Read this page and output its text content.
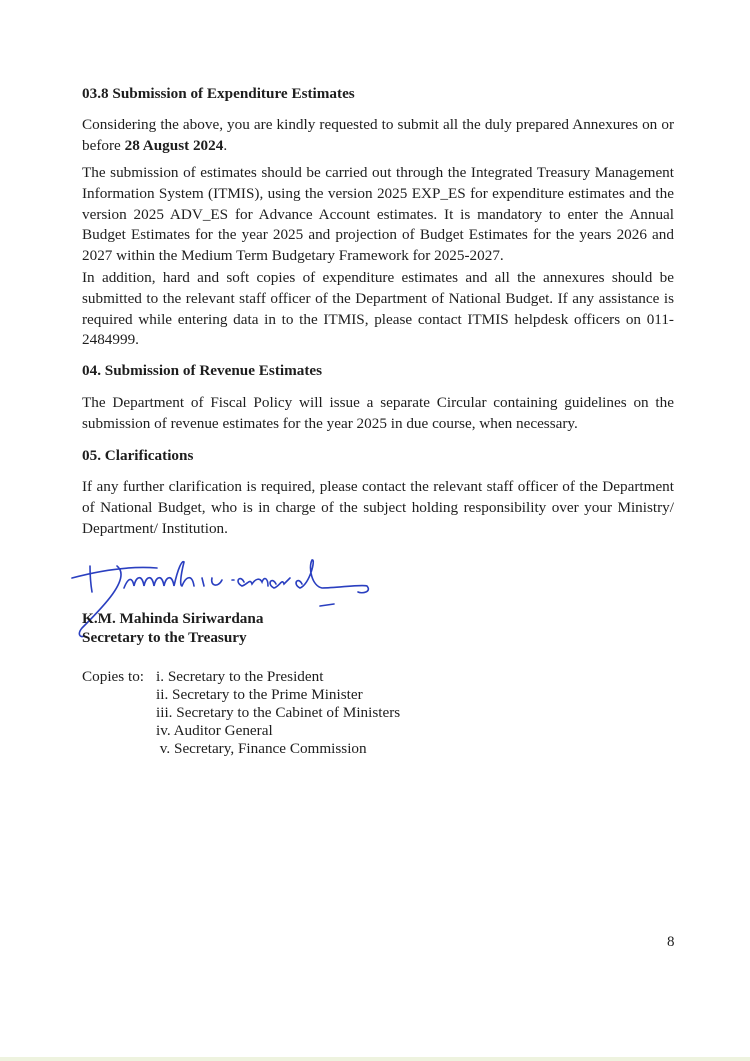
03.8 Submission of Expenditure Estimates
Considering the above, you are kindly requested to submit all the duly prepared Annexures on or before 28 August 2024.

The submission of estimates should be carried out through the Integrated Treasury Management Information System (ITMIS), using the version 2025 EXP_ES for expenditure estimates and the version 2025 ADV_ES for Advance Account estimates. It is mandatory to enter the Annual Budget Estimates for the year 2025 and projection of Budget Estimates for the years 2026 and 2027 within the Medium Term Budgetary Framework for 2025-2027.

In addition, hard and soft copies of expenditure estimates and all the annexures should be submitted to the relevant staff officer of the Department of National Budget. If any assistance is required while entering data in to the ITMIS, please contact ITMIS helpdesk officers on 011-2484999.

04. Submission of Revenue Estimates

The Department of Fiscal Policy will issue a separate Circular containing guidelines on the submission of revenue estimates for the year 2025 in due course, when necessary.

05. Clarifications

If any further clarification is required, please contact the relevant staff officer of the Department of National Budget, who is in charge of the subject holding responsibility over your Ministry/ Department/ Institution.

K.M. Mahinda Siriwardana
Secretary to the Treasury
Copies to: i. Secretary to the President
ii. Secretary to the Prime Minister
iii. Secretary to the Cabinet of Ministers
iv. Auditor General
v. Secretary, Finance Commission
8
